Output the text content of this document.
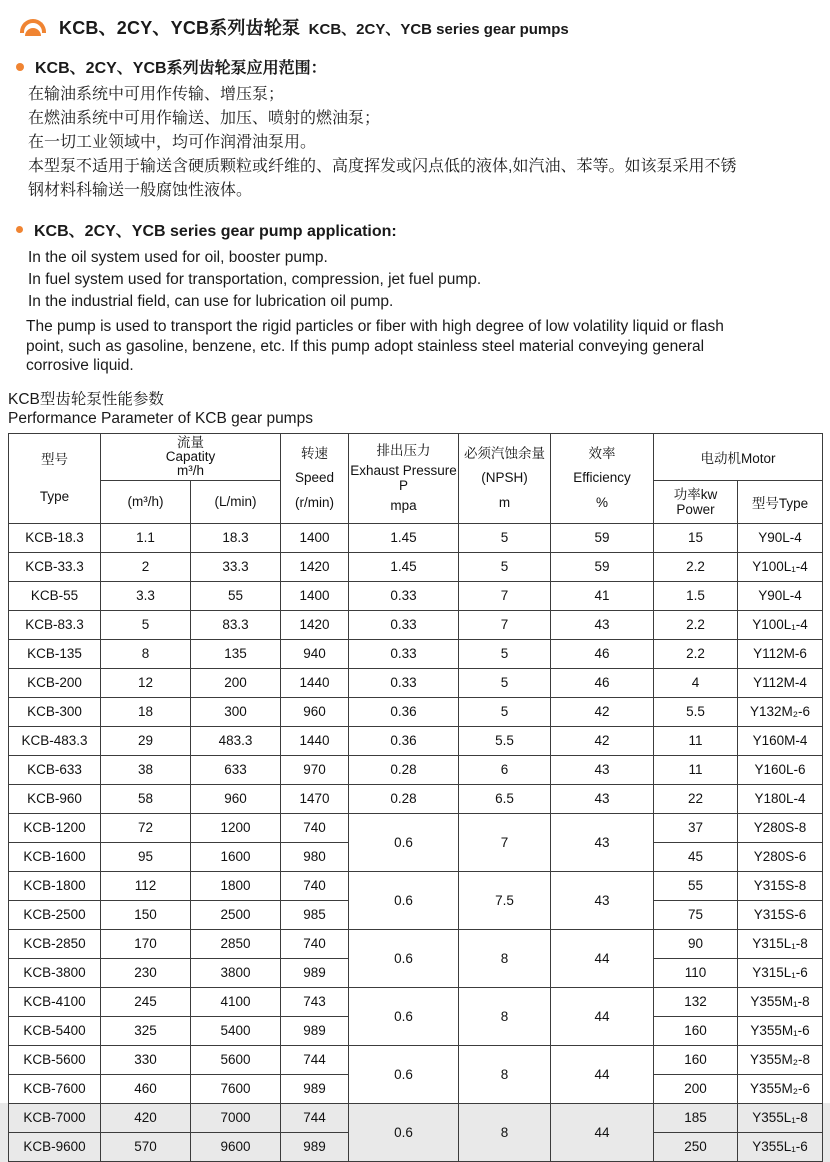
KCB、2CY、YCB系列齿轮泵 KCB、2CY、YCB series gear pumps
KCB、2CY、YCB系列齿轮泵应用范围：
在输油系统中可用作传输、增压泵；
在燃油系统中可用作输送、加压、喷射的燃油泵；
在一切工业领域中，均可作润滑油泵用。
本型泵不适用于输送含硬质颗粒或纤维的、高度挥发或闪点低的液体,如汽油、苯等。如该泵采用不锈
钢材料科输送一般腐蚀性液体。
KCB、2CY、YCB series gear pump application:
In the oil system used for oil, booster pump.
In fuel system used for transportation, compression, jet fuel pump.
In the industrial field, can use for lubrication oil pump.
The pump is used to transport the rigid particles or fiber with high degree of low volatility liquid or flash
point, such as gasoline, benzene, etc. If this pump adopt stainless steel material conveying general
corrosive liquid.
KCB型齿轮泵性能参数
Performance Parameter of KCB gear pumps
型号
Type	流量
Capatity
m³/h		转速
Speed
(r/min)	排出压力
Exhaust Pressure P
mpa	必须汽蚀余量
(NPSH)
m	效率
Efficiency
%	电动机Motor	
	(m³/h)	(L/min)					功率kw
Power	型号Type
KCB-18.3	1.1	18.3	1400	1.45	5	59	15	Y90L-4
KCB-33.3	2	33.3	1420	1.45	5	59	2.2	Y100L₁-4
KCB-55	3.3	55	1400	0.33	7	41	1.5	Y90L-4
KCB-83.3	5	83.3	1420	0.33	7	43	2.2	Y100L₁-4
KCB-135	8	135	940	0.33	5	46	2.2	Y112M-6
KCB-200	12	200	1440	0.33	5	46	4	Y112M-4
KCB-300	18	300	960	0.36	5	42	5.5	Y132M₂-6
KCB-483.3	29	483.3	1440	0.36	5.5	42	11	Y160M-4
KCB-633	38	633	970	0.28	6	43	11	Y160L-6
KCB-960	58	960	1470	0.28	6.5	43	22	Y180L-4
KCB-1200	72	1200	740	0.6	7	43	37	Y280S-8
KCB-1600	95	1600	980				45	Y280S-6
KCB-1800	112	1800	740	0.6	7.5	43	55	Y315S-8
KCB-2500	150	2500	985				75	Y315S-6
KCB-2850	170	2850	740	0.6	8	44	90	Y315L₁-8
KCB-3800	230	3800	989				110	Y315L₁-6
KCB-4100	245	4100	743	0.6	8	44	132	Y355M₁-8
KCB-5400	325	5400	989				160	Y355M₁-6
KCB-5600	330	5600	744	0.6	8	44	160	Y355M₂-8
KCB-7600	460	7600	989				200	Y355M₂-6
KCB-7000	420	7000	744	0.6	8	44	185	Y355L₁-8
KCB-9600	570	9600	989				250	Y355L₁-6
